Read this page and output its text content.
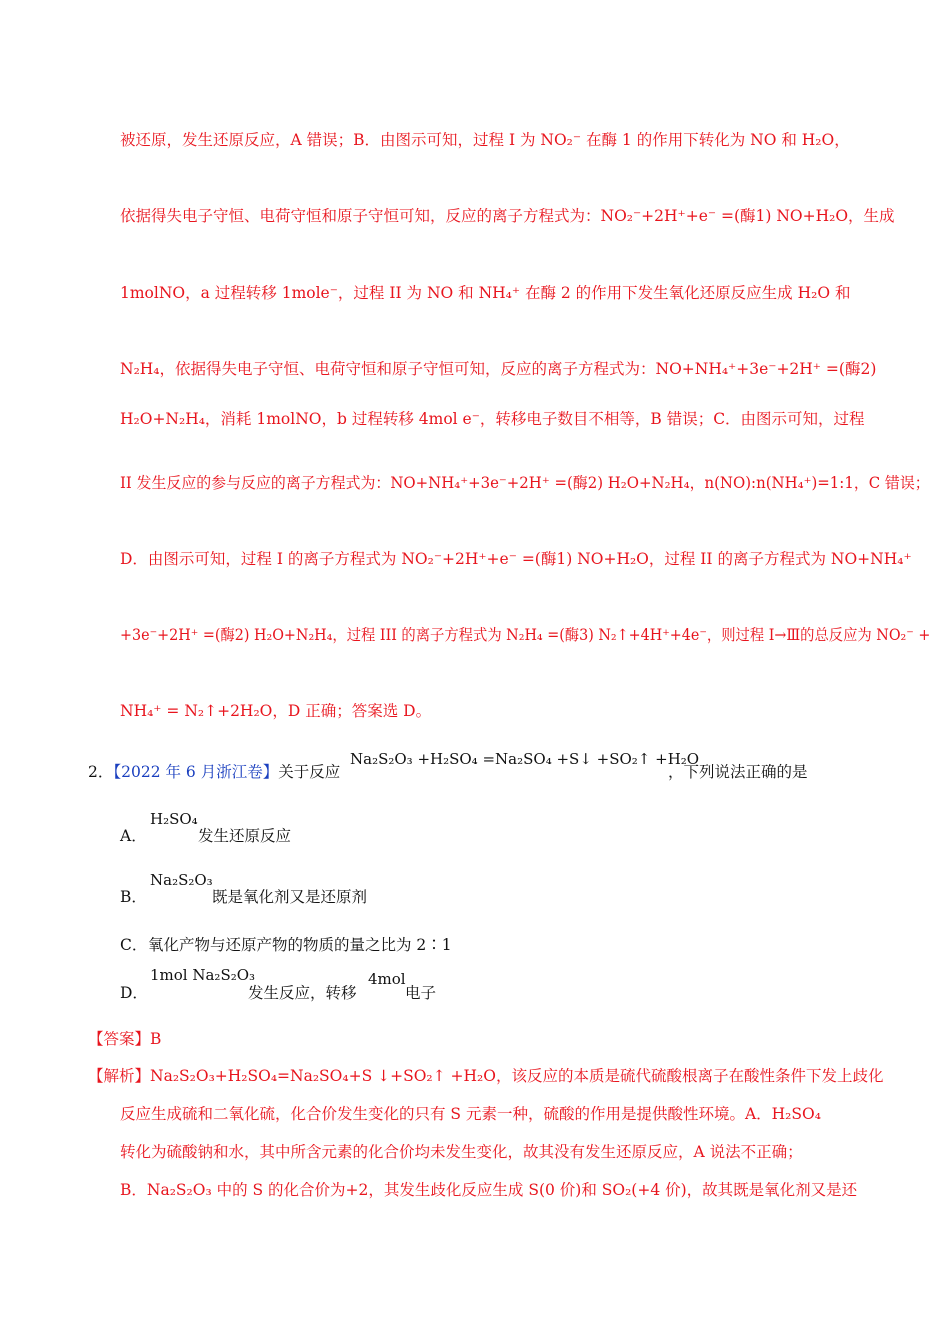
被还原，发生还原反应，A 错误；B．由图示可知，过程 I 为 NO₂⁻ 在酶 1 的作用下转化为 NO 和 H₂O，
依据得失电子守恒、电荷守恒和原子守恒可知，反应的离子方程式为：NO₂⁻+2H⁺+e⁻ =(酶1) NO+H₂O，生成
1molNO，a 过程转移 1mole⁻，过程 II 为 NO 和 NH₄⁺ 在酶 2 的作用下发生氧化还原反应生成 H₂O 和
N₂H₄，依据得失电子守恒、电荷守恒和原子守恒可知，反应的离子方程式为：NO+NH₄⁺+3e⁻+2H⁺ =(酶2)
H₂O+N₂H₄，消耗 1molNO，b 过程转移 4mol e⁻，转移电子数目不相等，B 错误；C．由图示可知，过程
II 发生反应的参与反应的离子方程式为：NO+NH₄⁺+3e⁻+2H⁺ =(酶2) H₂O+N₂H₄，n(NO):n(NH₄⁺)=1:1，C 错误；
D．由图示可知，过程 I 的离子方程式为 NO₂⁻+2H⁺+e⁻ =(酶1) NO+H₂O，过程 II 的离子方程式为 NO+NH₄⁺
+3e⁻+2H⁺ =(酶2) H₂O+N₂H₄，过程 III 的离子方程式为 N₂H₄ =(酶3) N₂↑+4H⁺+4e⁻，则过程 Ⅰ→Ⅲ的总反应为 NO₂⁻ +
NH₄⁺ = N₂↑+2H₂O，D 正确；答案选 D。
2．【2022 年 6 月浙江卷】关于反应
Na₂S₂O₃ +H₂SO₄ =Na₂SO₄ +S↓ +SO₂↑ +H₂O
，下列说法正确的是
A．
H₂SO₄
发生还原反应
B．
Na₂S₂O₃
既是氧化剂又是还原剂
C． 氧化产物与还原产物的物质的量之比为 2∶1
D．
1mol Na₂S₂O₃
发生反应，转移
4mol
电子
【答案】B
【解析】Na₂S₂O₃+H₂SO₄=Na₂SO₄+S ↓+SO₂↑ +H₂O，该反应的本质是硫代硫酸根离子在酸性条件下发上歧化
反应生成硫和二氧化硫，化合价发生变化的只有 S 元素一种，硫酸的作用是提供酸性环境。A．H₂SO₄
转化为硫酸钠和水，其中所含元素的化合价均未发生变化，故其没有发生还原反应，A 说法不正确；
B．Na₂S₂O₃ 中的 S 的化合价为+2，其发生歧化反应生成 S(0 价)和 SO₂(+4 价)，故其既是氧化剂又是还
